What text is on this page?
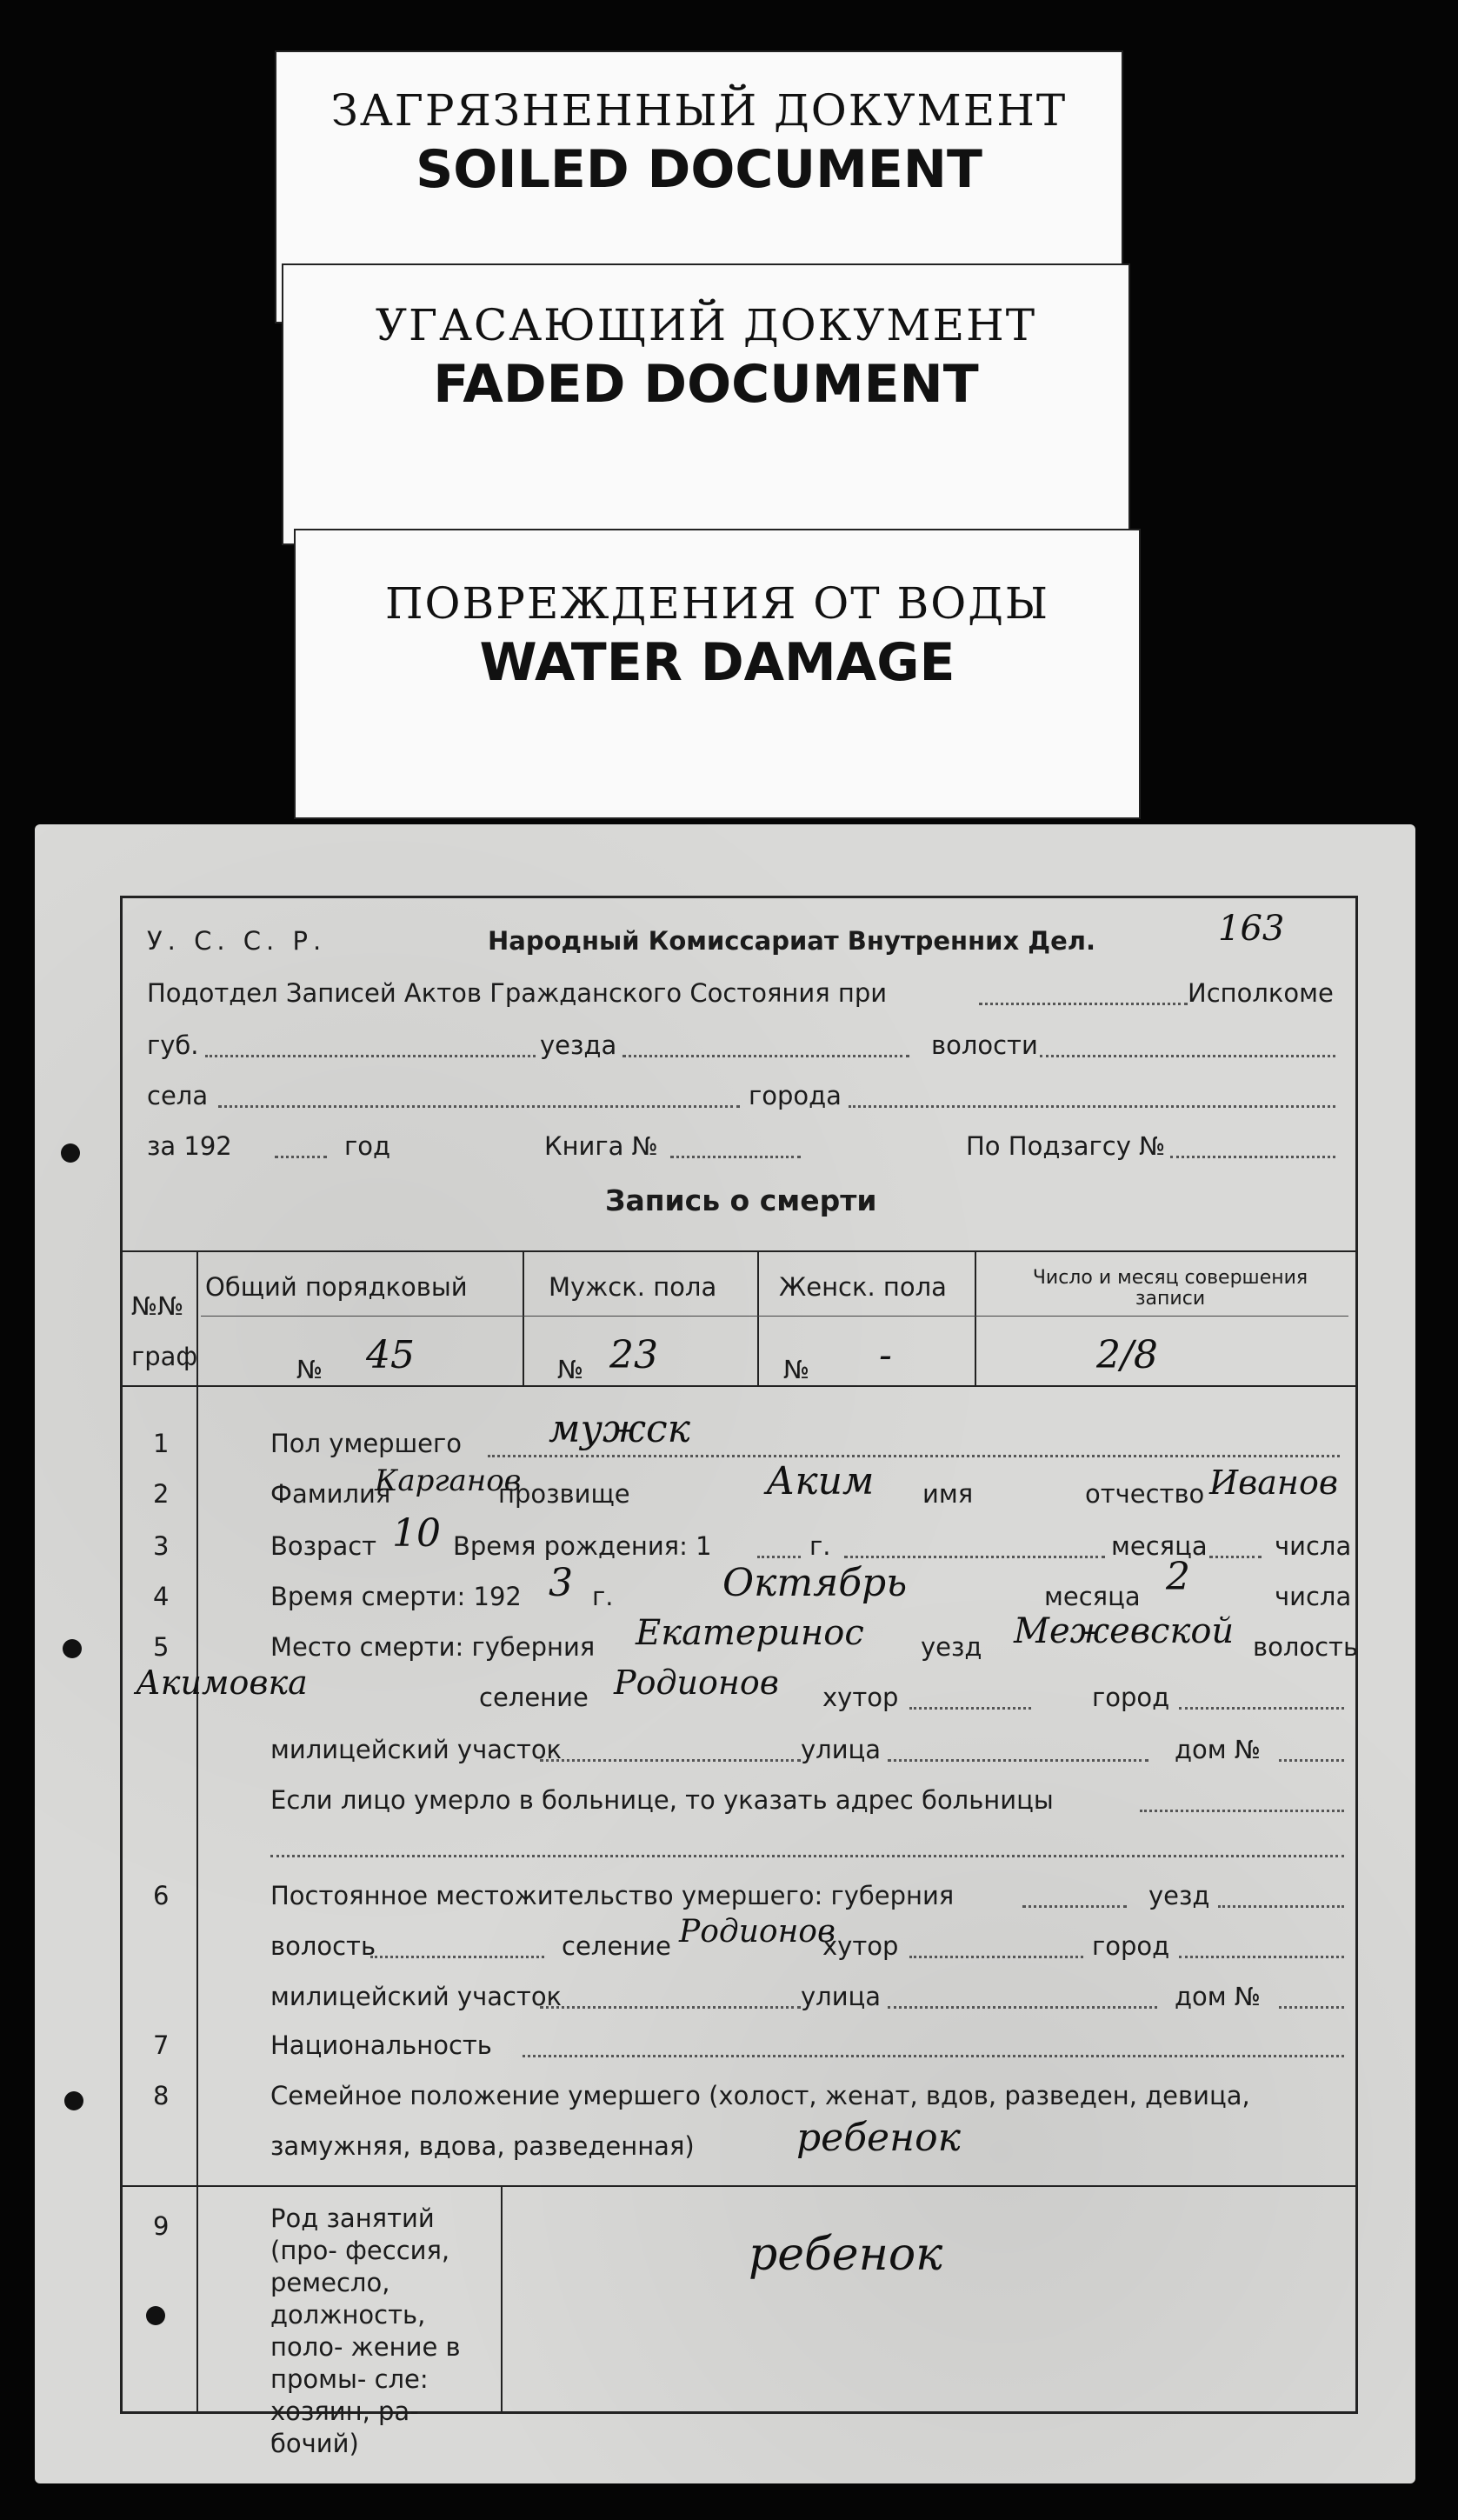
ЗАГРЯЗНЕННЫЙ ДОКУМЕНТ
SOILED DOCUMENT
УГАСАЮЩИЙ ДОКУМЕНТ
FADED DOCUMENT
ПОВРЕЖДЕНИЯ ОТ ВОДЫ
WATER DAMAGE
У. С. С. Р.	Народный Комиссариат Внутренних Дел.	163
Подотдел Записей Актов Гражданского Состояния при	Исполкоме
губ.	уезда	волости
села	города
за 192	год	Книга №	По Подзагсу №
Запись о смерти
№№
граф
Общий порядковый	Мужск. пола Женск. пола	Число и месяц совершения записи
№ 45	№ 23	№ -	2/8
1	Пол умершего мужск
2	Фамилия
Карганов
прозвище	Аким имя	отчество Иванов
3	Возраст 10 Время рождения: 1	г.	месяца	числа
4	Время смерти: 192 3 г.	Октябрь	месяца 2	числа
5	Место смерти: губерния Екатеринос уезд Межевской волость
Акимовка	селение Родионов хутор	город
милицейский участок	улица	дом №
Если лицо умерло в больнице, то указать адрес больницы
6	Постоянное местожительство умершего: губерния	уезд
волость	селение Родионов
хутор	город
милицейский участок	улица	дом №
7	Национальность
8	Семейное положение умершего (холост, женат, вдов, разведен, девица,
замужняя, вдова, разведенная)	ребенок
9	Род занятий (про- фессия, ремесло, должность, поло- жение в промы- сле: хозяин, ра- бочий)
ребенок
